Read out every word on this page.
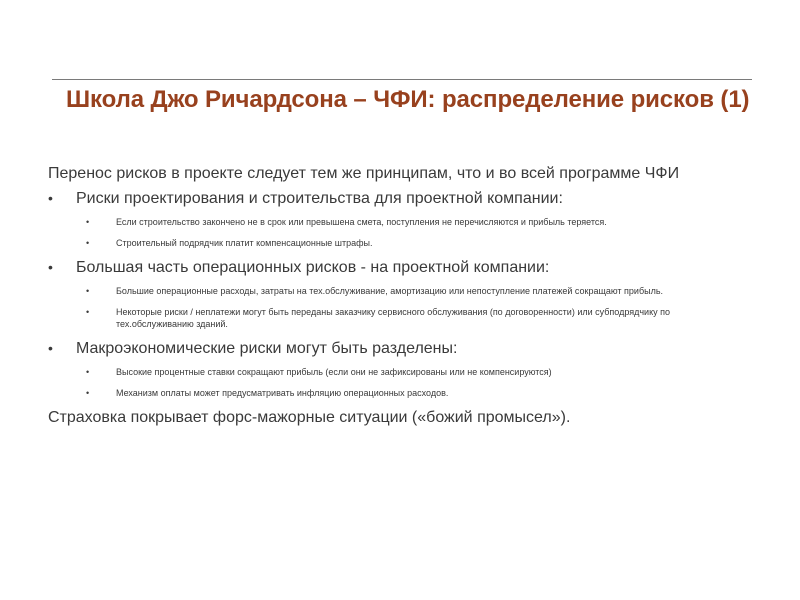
Школа Джо Ричардсона – ЧФИ: распределение рисков (1)

Перенос рисков в проекте следует тем же принципам, что и во всей программе ЧФИ

• Риски проектирования и строительства для проектной компании:
•	Если строительство закончено не в срок или превышена смета, поступления не перечисляются и прибыль теряется.
•	Строительный подрядчик платит компенсационные штрафы.
• Большая часть операционных рисков - на проектной компании:
•	Большие операционные расходы, затраты на тех.обслуживание, амортизацию или непоступление платежей сокращают прибыль.
•	Некоторые риски / неплатежи могут быть переданы заказчику сервисного обслуживания (по договоренности) или субподрядчику по тех.обслуживанию зданий.
• Макроэкономические риски могут быть разделены:
•	Высокие процентные ставки сокращают прибыль (если они не зафиксированы или не компенсируются)
•	Механизм оплаты может предусматривать инфляцию операционных расходов.

Страховка покрывает форс-мажорные ситуации («божий промысел»).
